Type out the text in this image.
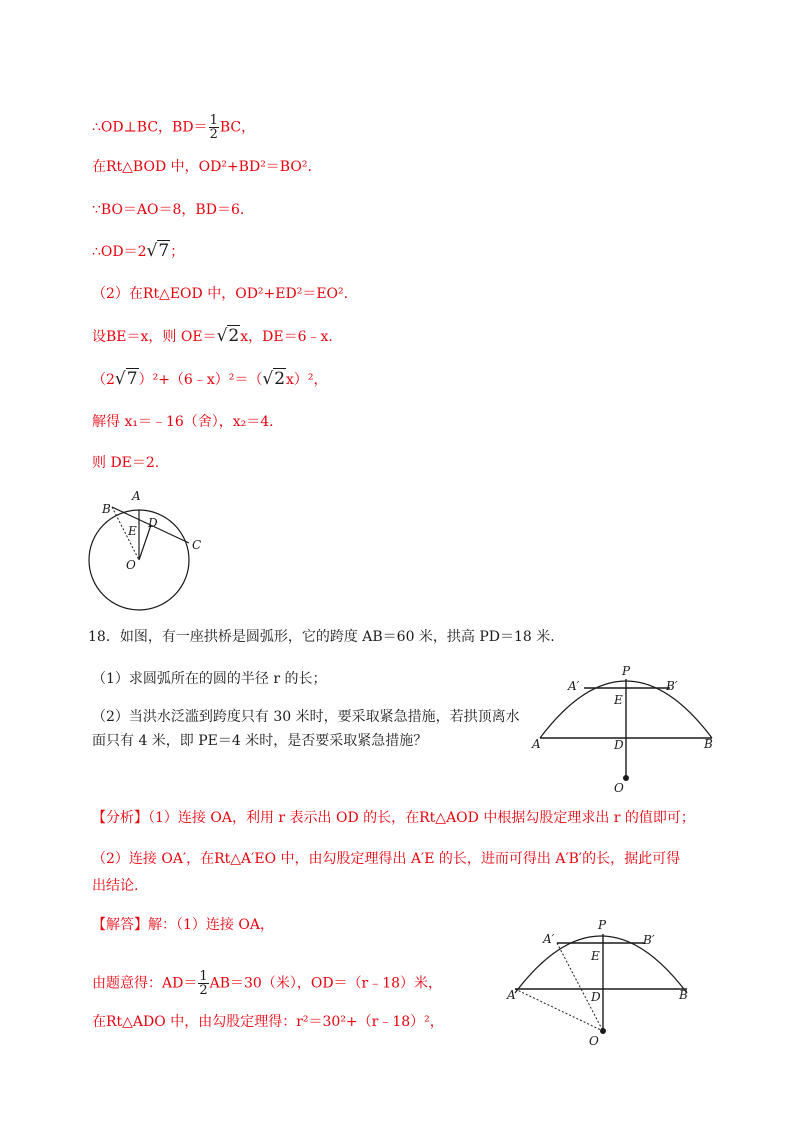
∴OD⊥BC，$BD= \frac{1}{2}$ BC，
在Rt△BOD 中，OD²+BD²＝BO².
∵BO＝AO＝8，BD＝6.
∴OD＝2√7；
（2）在Rt△EOD 中，OD²+ED²＝EO².
设BE＝x，则 OE＝√2x，DE＝6﹣x.
（2√7）²+（6﹣x）²＝（√2x）²，
解得 x₁＝﹣16（舍），x₂＝4.
则 DE＝2.
A
B
D
E
C
O
18．如图，有一座拱桥是圆弧形，它的跨度 AB＝60 米，拱高 PD＝18 米.
（1）求圆弧所在的圆的半径 r 的长；
（2）当洪水泛滥到跨度只有 30 米时，要采取紧急措施，若拱顶离水
面只有 4 米，即 PE＝4 米时，是否要采取紧急措施？
A′
P
B′
E
A	D	B
O
【分析】（1）连接 OA，利用 r 表示出 OD 的长，在Rt△AOD 中根据勾股定理求出 r 的值即可；
（2）连接 OA′，在Rt△A′EO 中，由勾股定理得出 A′E 的长，进而可得出 A′B′的长，据此可得
出结论.
【解答】解：（1）连接 OA，
由题意得：$AD= \frac{1}{2} AB=30$（米），OD＝（r﹣18）米，
在Rt△ADO 中，由勾股定理得：r²＝30²+（r﹣18）²，
A′
P
B′
E
A	D	B
O
